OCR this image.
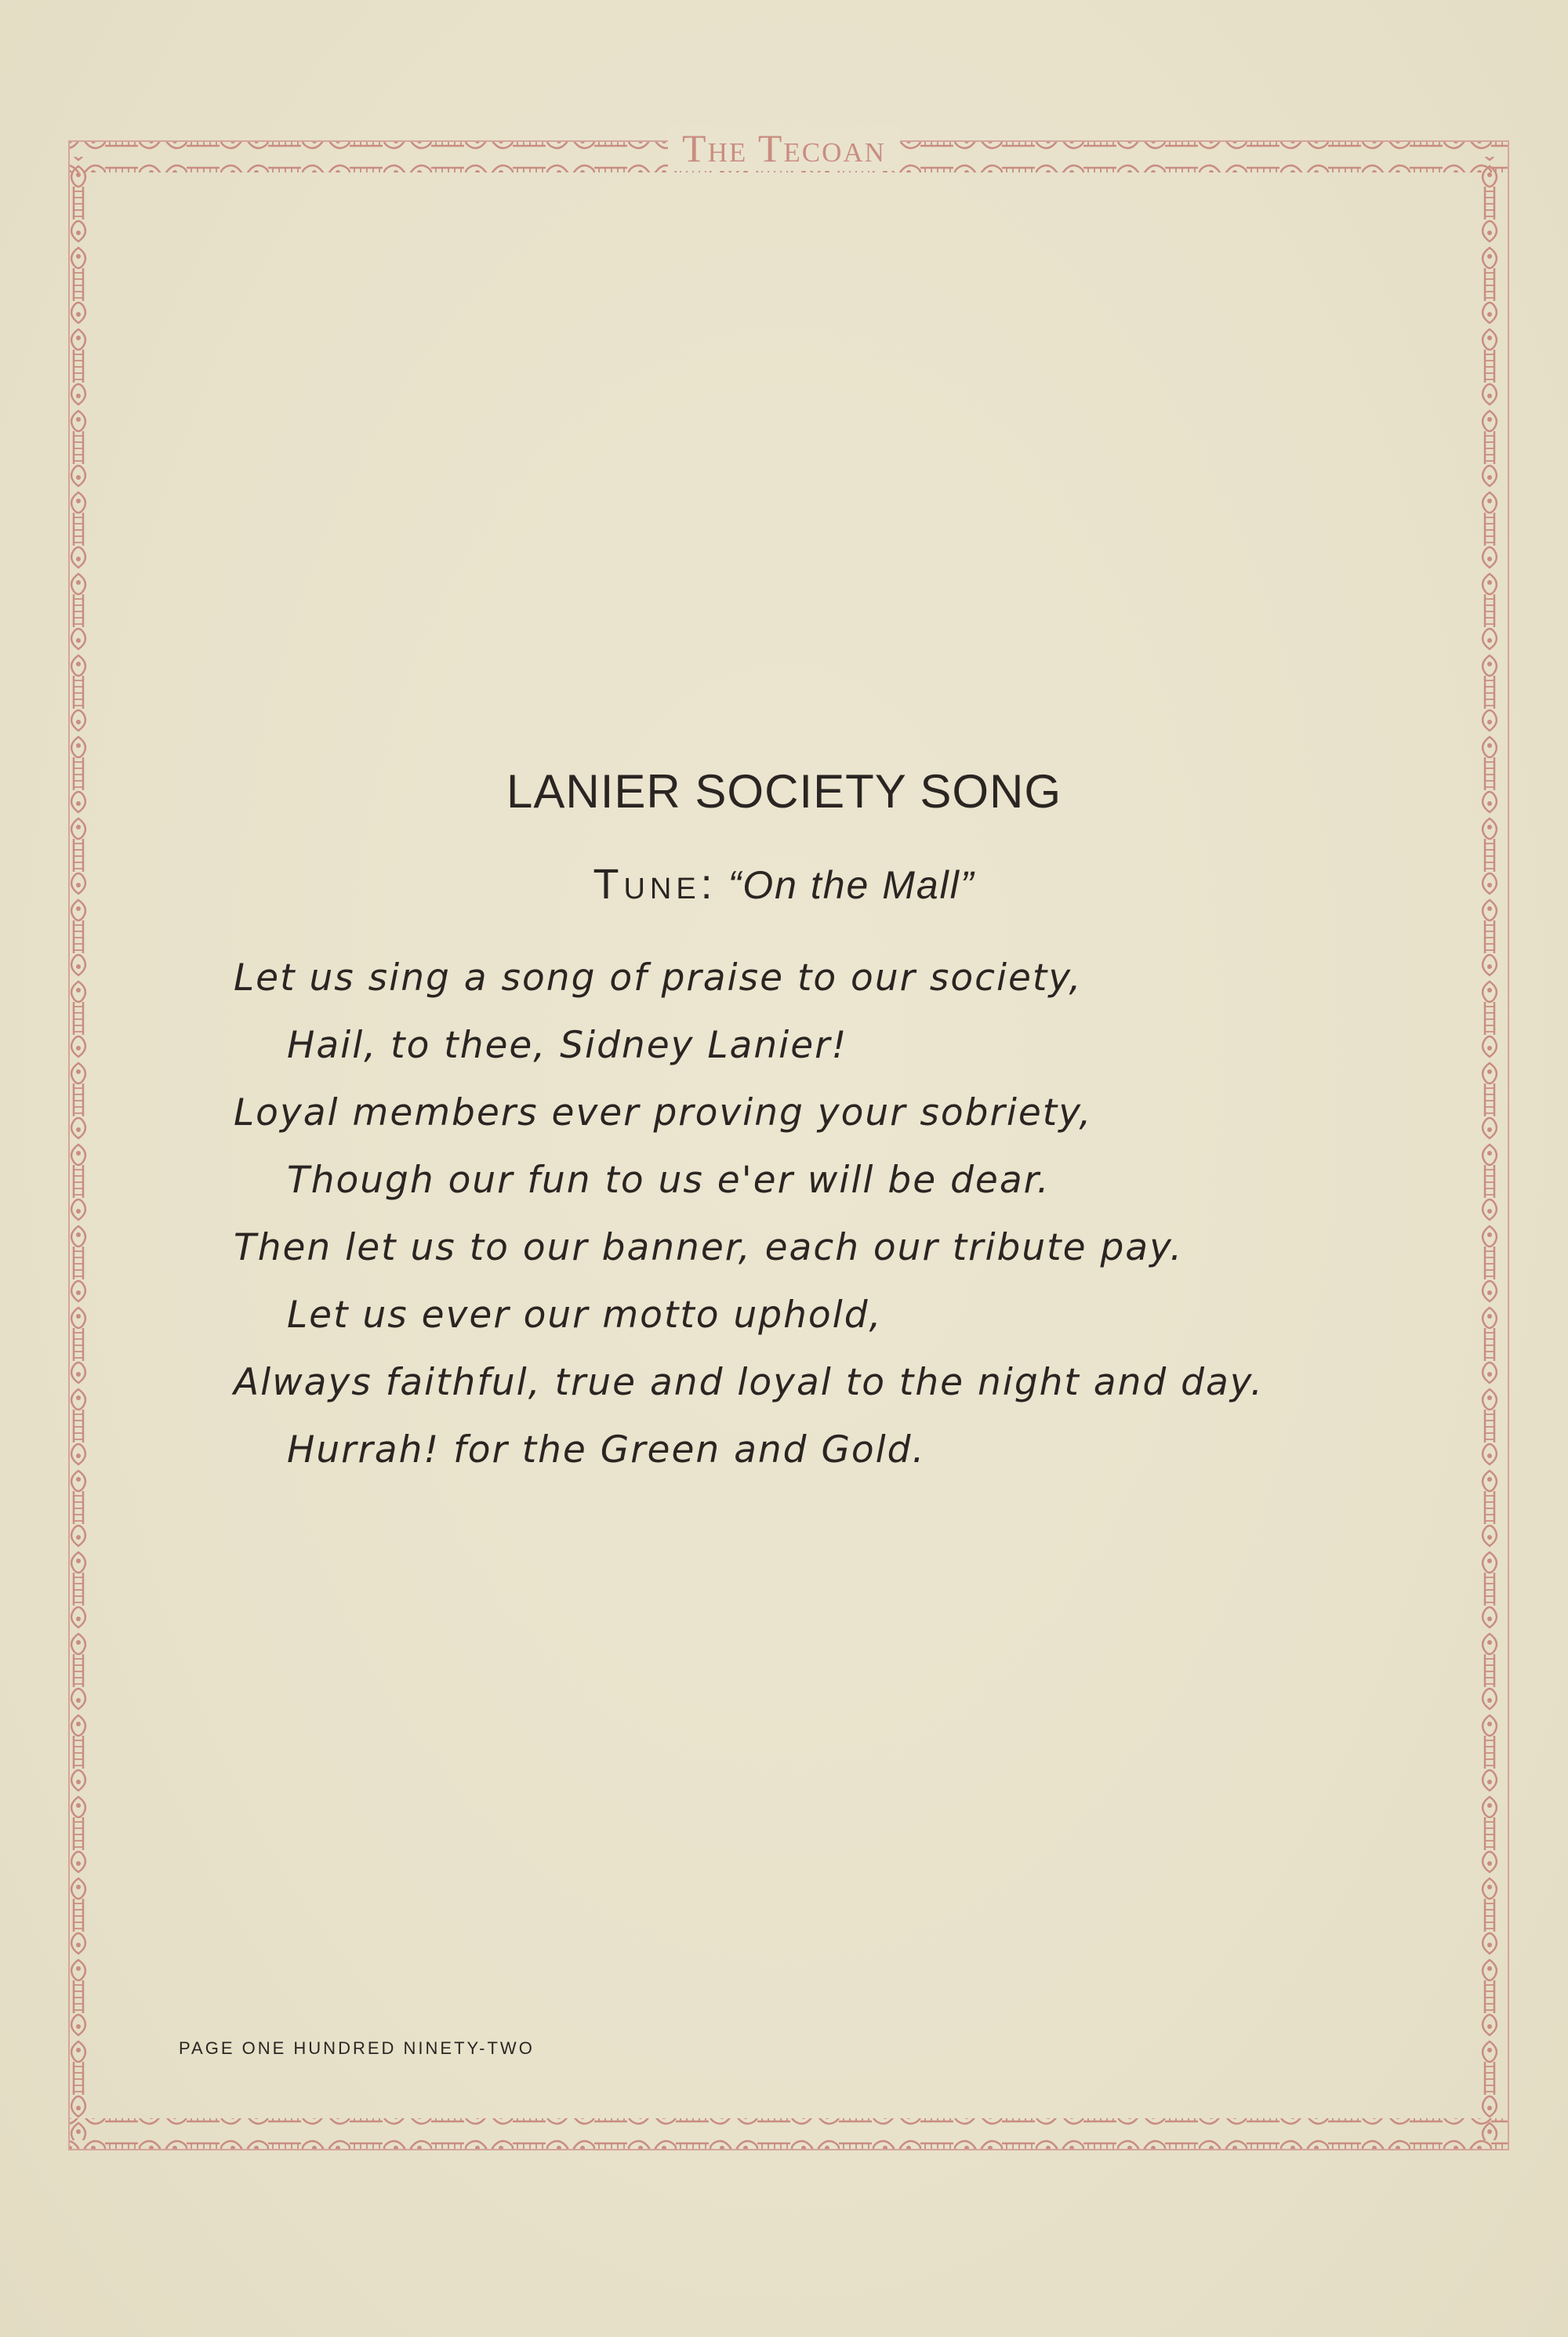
The Tecoan
LANIER SOCIETY SONG
Tune: “On the Mall”
Let us sing a song of praise to our society,
Hail, to thee, Sidney Lanier!
Loyal members ever proving your sobriety,
Though our fun to us e'er will be dear.
Then let us to our banner, each our tribute pay.
Let us ever our motto uphold,
Always faithful, true and loyal to the night and day.
Hurrah! for the Green and Gold.
PAGE ONE HUNDRED NINETY-TWO
